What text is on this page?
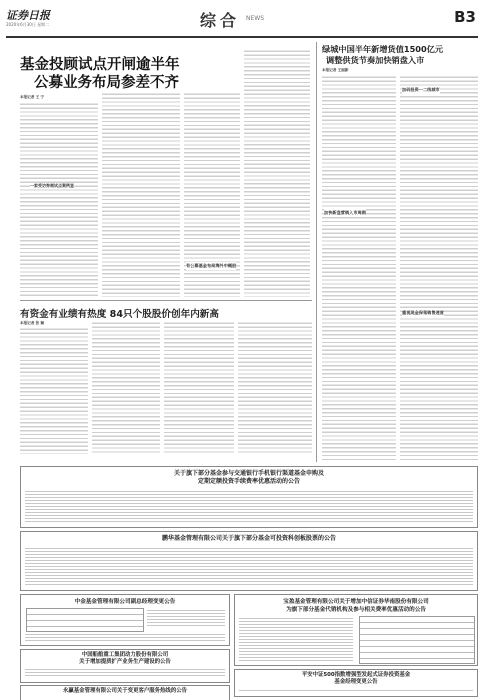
证券日报
2020年6月30日 星期二	综合 NEWS	B3
基金投顾试点开闸逾半年
公募业务布局参差不齐
本报记者 王 宁
一家受访券商试点案例显
有公募基金布局海外中概股
绿城中国半年新增货值1500亿元
调整供货节奏加快销盘入市
本报记者 王丽新
加码投资一二线城市
加快新盘营销入市周期
重视现金保驾销售速度
有资金有业绩有热度 84只个股股价创年内新高
本报记者 张 颖
关于旗下部分基金参与交通银行手机银行渠道基金申购及
定期定额投资手续费率优惠活动的公告
鹏华基金管理有限公司关于旗下部分基金可投资科创板股票的公告
中金基金管理有限公司副总经理变更公告	宝盈基金管理有限公司关于增加中信证券华南股份有限公司
为旗下部分基金代销机构及参与相关费率优惠活动的公告
中国船舶重工集团动力股份有限公司
关于增加提质扩产业务生产建设的公告
平安中证500指数增强型发起式证券投资基金
基金经理变更公告
永赢基金管理有限公司关于变更客户服务热线的公告
